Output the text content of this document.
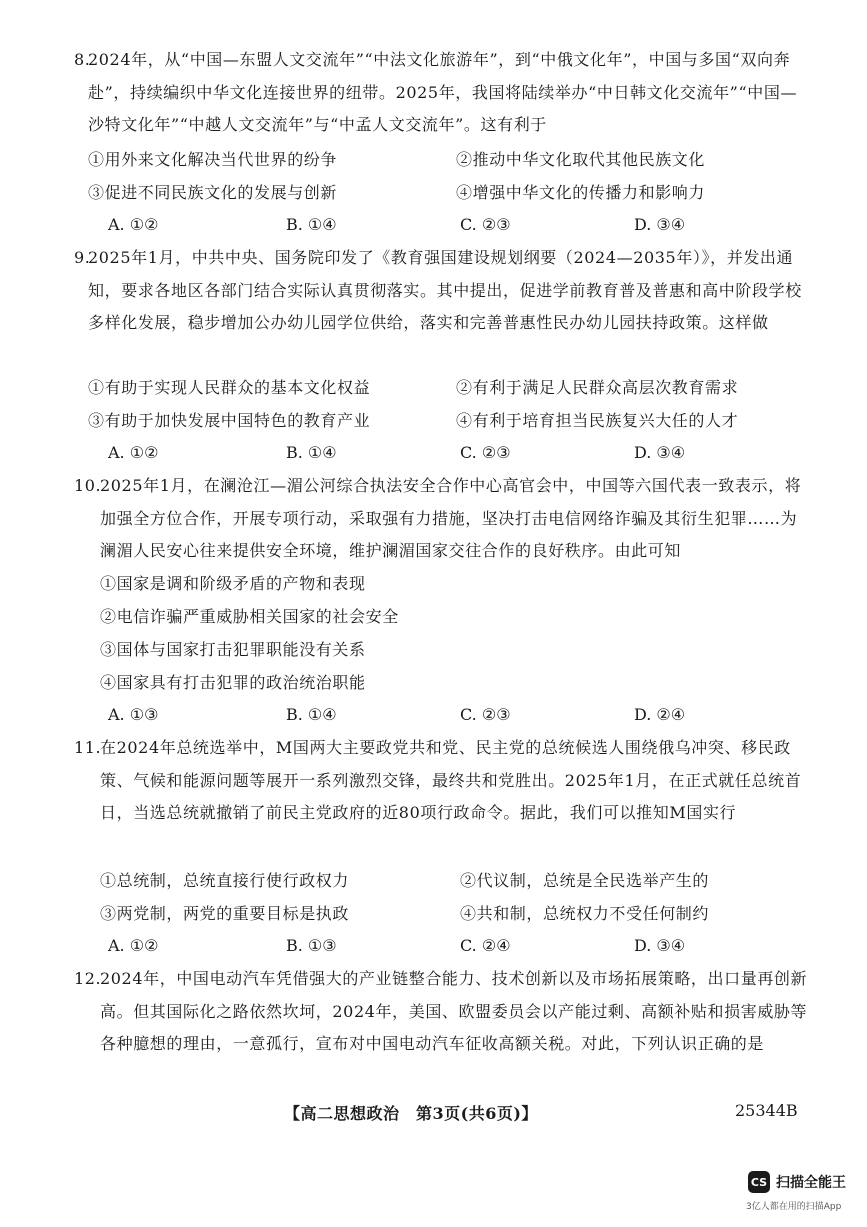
8.
2024年，从“中国—东盟人文交流年”“中法文化旅游年”，到“中俄文化年”，中国与多国“双向奔赴”，持续编织中华文化连接世界的纽带。2025年，我国将陆续举办“中日韩文化交流年”“中国—沙特文化年”“中越人文交流年”与“中孟人文交流年”。这有利于

①用外来文化解决当代世界的纷争	②推动中华文化取代其他民族文化
③促进不同民族文化的发展与创新	④增强中华文化的传播力和影响力
A. ①②	B. ①④	C. ②③	D. ③④

9.
2025年1月，中共中央、国务院印发了《教育强国建设规划纲要（2024—2035年）》，并发出通知，要求各地区各部门结合实际认真贯彻落实。其中提出，促进学前教育普及普惠和高中阶段学校多样化发展，稳步增加公办幼儿园学位供给，落实和完善普惠性民办幼儿园扶持政策。这样做

①有助于实现人民群众的基本文化权益	②有利于满足人民群众高层次教育需求
③有助于加快发展中国特色的教育产业	④有利于培育担当民族复兴大任的人才
A. ①②	B. ①④	C. ②③	D. ③④

10.
2025年1月，在澜沧江—湄公河综合执法安全合作中心高官会中，中国等六国代表一致表示，将加强全方位合作，开展专项行动，采取强有力措施，坚决打击电信网络诈骗及其衍生犯罪……为澜湄人民安心往来提供安全环境，维护澜湄国家交往合作的良好秩序。由此可知

①国家是调和阶级矛盾的产物和表现
②电信诈骗严重威胁相关国家的社会安全
③国体与国家打击犯罪职能没有关系
④国家具有打击犯罪的政治统治职能
A. ①③	B. ①④	C. ②③	D. ②④

11.
在2024年总统选举中，M国两大主要政党共和党、民主党的总统候选人围绕俄乌冲突、移民政策、气候和能源问题等展开一系列激烈交锋，最终共和党胜出。2025年1月，在正式就任总统首日，当选总统就撤销了前民主党政府的近80项行政命令。据此，我们可以推知M国实行

①总统制，总统直接行使行政权力	②代议制，总统是全民选举产生的
③两党制，两党的重要目标是执政	④共和制，总统权力不受任何制约
A. ①②	B. ①③	C. ②④	D. ③④

12.
2024年，中国电动汽车凭借强大的产业链整合能力、技术创新以及市场拓展策略，出口量再创新高。但其国际化之路依然坎坷，2024年，美国、欧盟委员会以产能过剩、高额补贴和损害威胁等各种臆想的理由，一意孤行，宣布对中国电动汽车征收高额关税。对此，下列认识正确的是

【高二思想政治　第3页(共6页)】	25344B
CS 扫描全能王
3亿人都在用的扫描App
